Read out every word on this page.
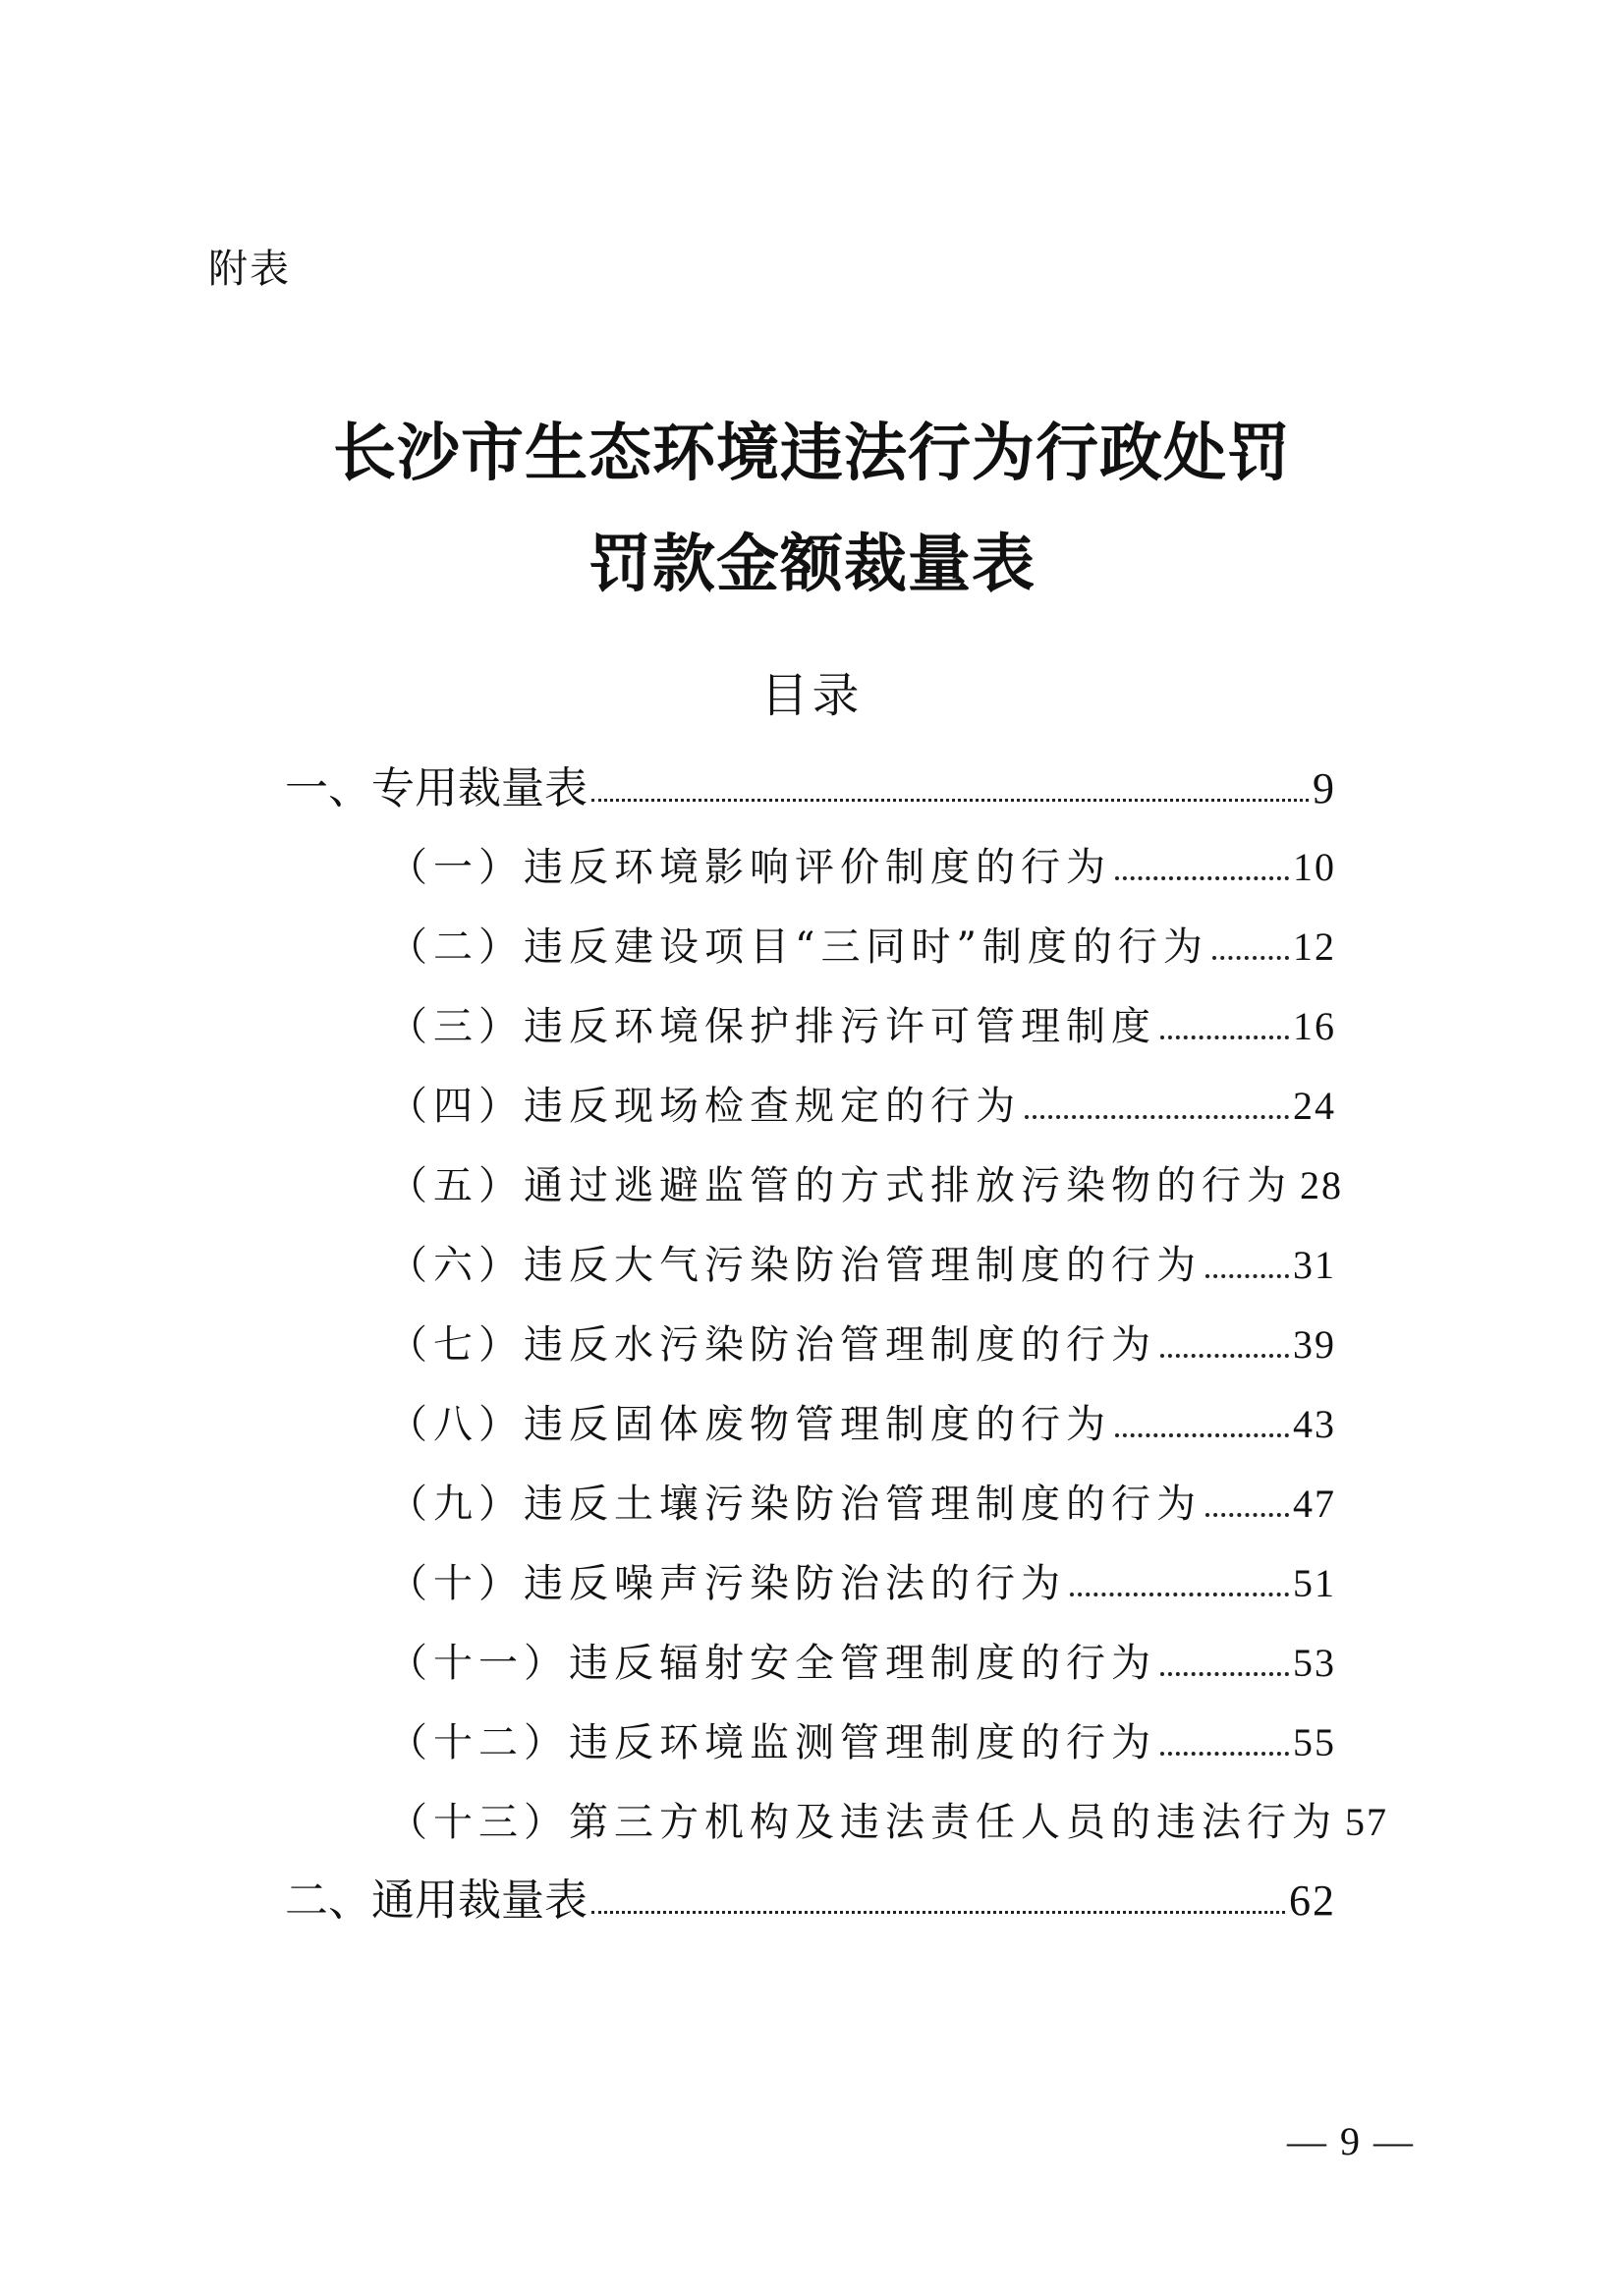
附表
长沙市生态环境违法行为行政处罚
罚款金额裁量表
目录
一、专用裁量表	9
（一）违反环境影响评价制度的行为	10
（二）违反建设项目“三同时”制度的行为 12
（三）违反环境保护排污许可管理制度	16
（四）违反现场检查规定的行为	24
（五）通过逃避监管的方式排放污染物的行为 28
（六）违反大气污染防治管理制度的行为 31
（七）违反水污染防治管理制度的行为	39
（八）违反固体废物管理制度的行为	43
（九）违反土壤污染防治管理制度的行为 47
（十）违反噪声污染防治法的行为	51
（十一）违反辐射安全管理制度的行为	53
（十二）违反环境监测管理制度的行为	55
（十三）第三方机构及违法责任人员的违法行为 57
二、通用裁量表	62
— 9 —
